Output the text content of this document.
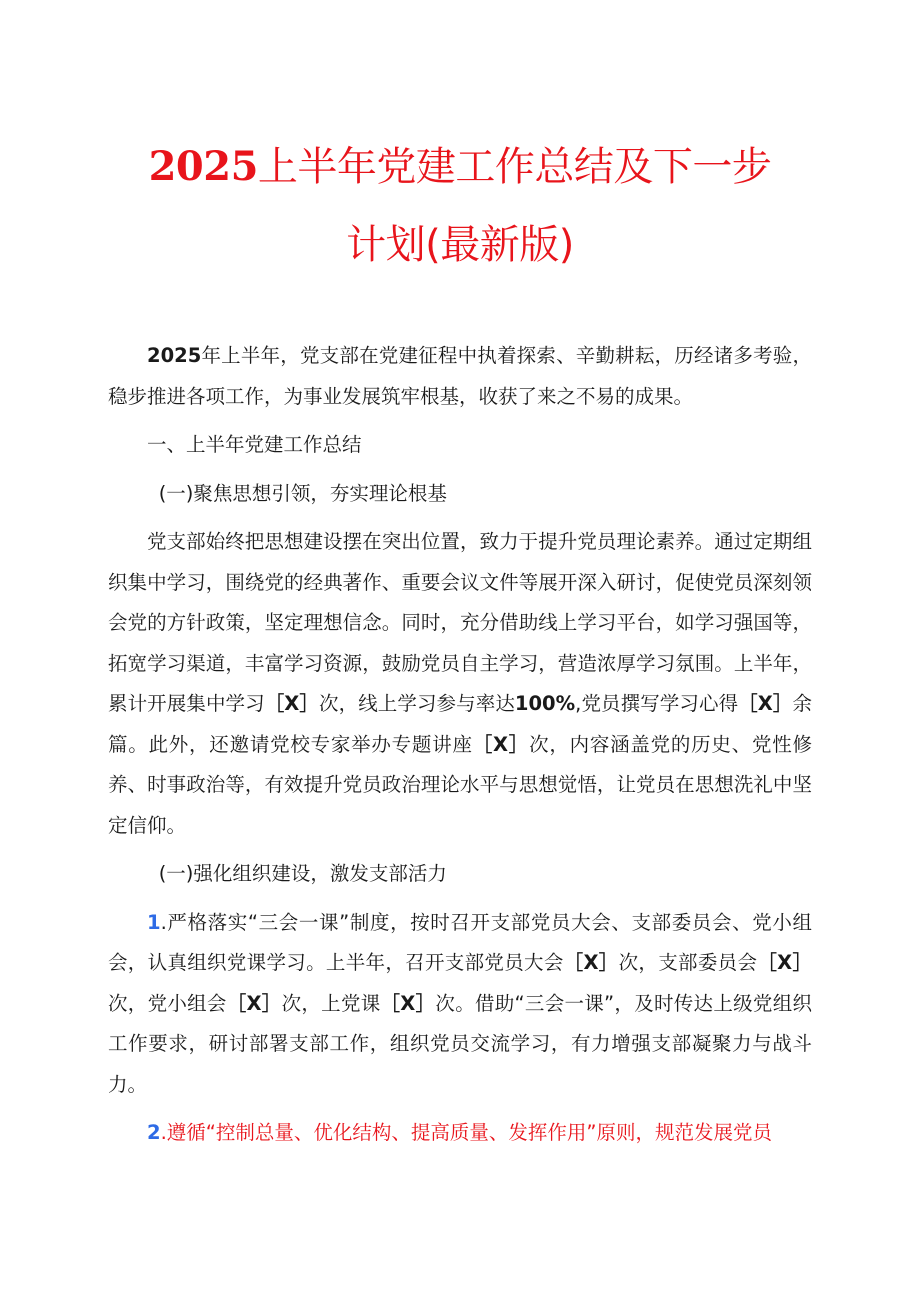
2025上半年党建工作总结及下一步
计划(最新版)

2025年上半年，党支部在党建征程中执着探索、辛勤耕耘，历经诸多考验，稳步推进各项工作，为事业发展筑牢根基，收获了来之不易的成果。

一、上半年党建工作总结

(一)聚焦思想引领，夯实理论根基

党支部始终把思想建设摆在突出位置，致力于提升党员理论素养。通过定期组织集中学习，围绕党的经典著作、重要会议文件等展开深入研讨，促使党员深刻领会党的方针政策，坚定理想信念。同时，充分借助线上学习平台，如学习强国等，拓宽学习渠道，丰富学习资源，鼓励党员自主学习，营造浓厚学习氛围。上半年，累计开展集中学习［X］次，线上学习参与率达100%,党员撰写学习心得［X］余篇。此外，还邀请党校专家举办专题讲座［X］次，内容涵盖党的历史、党性修养、时事政治等，有效提升党员政治理论水平与思想觉悟，让党员在思想洗礼中坚定信仰。

(一)强化组织建设，激发支部活力

1.严格落实“三会一课”制度，按时召开支部党员大会、支部委员会、党小组会，认真组织党课学习。上半年，召开支部党员大会［X］次，支部委员会［X］次，党小组会［X］次，上党课［X］次。借助“三会一课”，及时传达上级党组织工作要求，研讨部署支部工作，组织党员交流学习，有力增强支部凝聚力与战斗力。

2.遵循“控制总量、优化结构、提高质量、发挥作用”原则，规范发展党员
